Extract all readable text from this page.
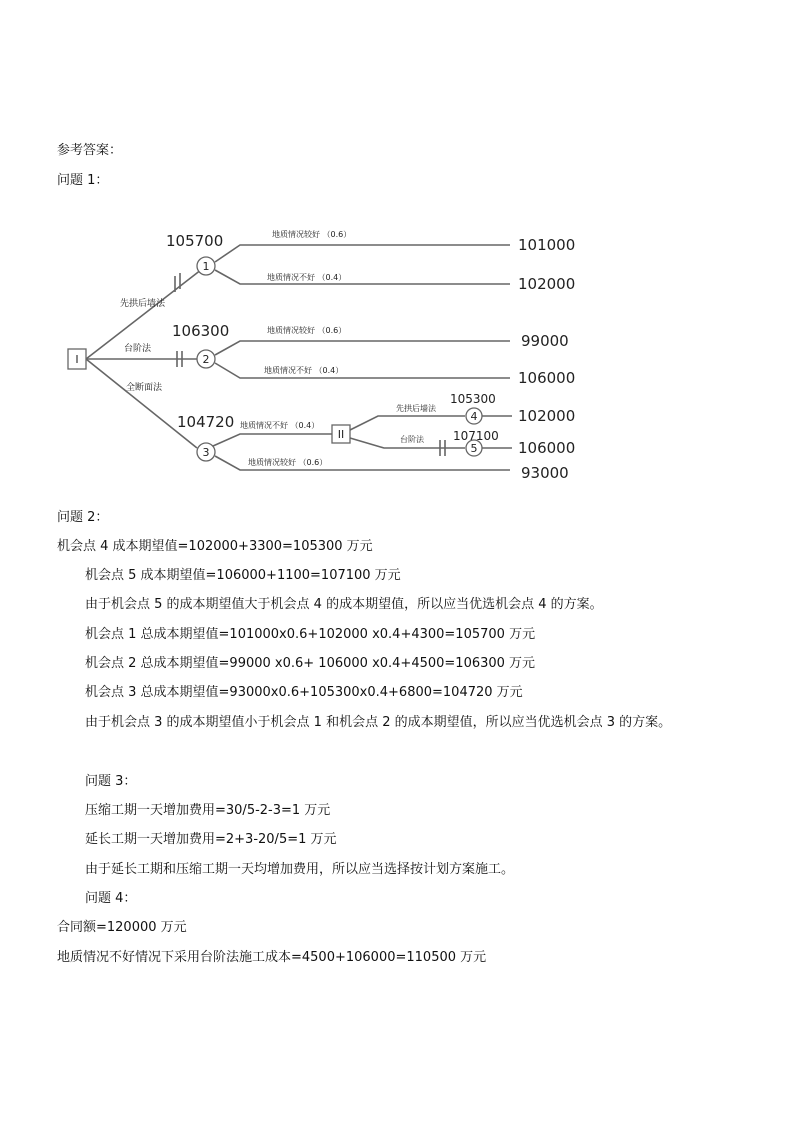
参考答案：
问题 1：
I
先拱后墙法
台阶法
全断面法
1
105700	地质情况较好 （0.6）
地质情况不好 （0.4）
101000
102000
2
106300	地质情况较好 （0.6）
地质情况不好 （0.4）
99000
106000
3
104720 地质情况不好 （0.4）
地质情况较好 （0.6）
93000
II
先拱后墙法
台阶法
4
105300
102000
5
107100
106000
问题 2：
机会点 4 成本期望值=102000+3300=105300 万元
机会点 5 成本期望值=106000+1100=107100 万元
由于机会点 5 的成本期望值大于机会点 4 的成本期望值，所以应当优选机会点 4 的方案。
机会点 1 总成本期望值=101000x0.6+102000 x0.4+4300=105700 万元
机会点 2 总成本期望值=99000 x0.6+ 106000 x0.4+4500=106300 万元
机会点 3 总成本期望值=93000x0.6+105300x0.4+6800=104720 万元
由于机会点 3 的成本期望值小于机会点 1 和机会点 2 的成本期望值，所以应当优选机会点 3 的方案。
问题 3：
压缩工期一天增加费用=30/5-2-3=1 万元
延长工期一天增加费用=2+3-20/5=1 万元
由于延长工期和压缩工期一天均增加费用，所以应当选择按计划方案施工。
问题 4：
合同额=120000 万元
地质情况不好情况下采用台阶法施工成本=4500+106000=110500 万元
